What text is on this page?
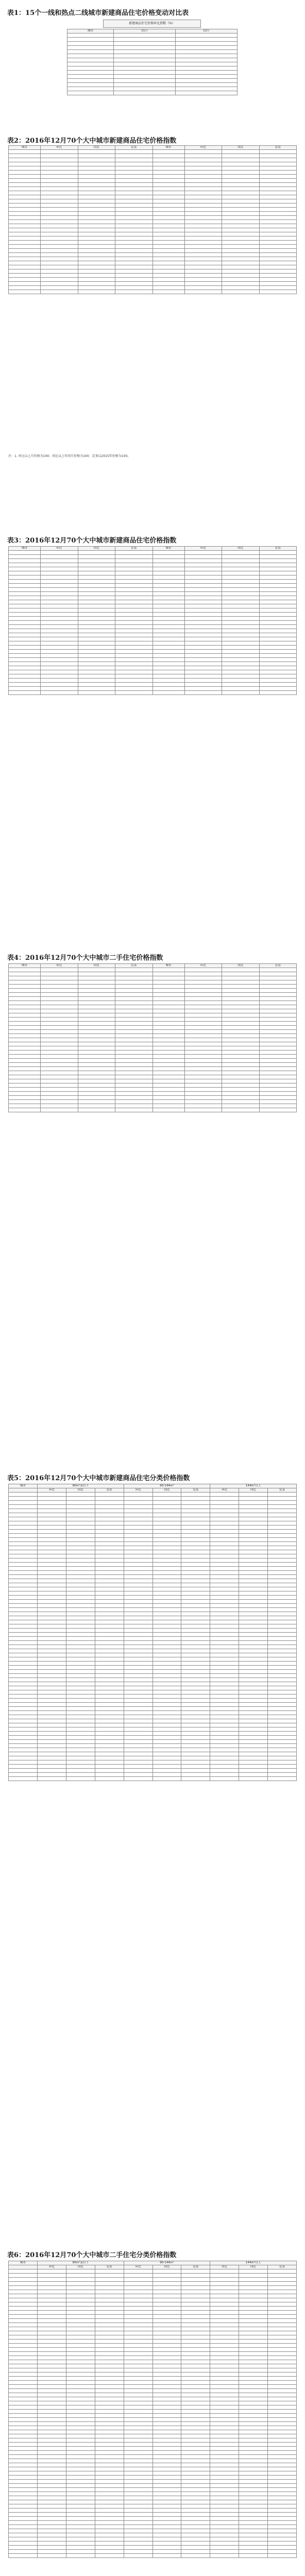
表1：15个一线和热点二线城市新建商品住宅价格变动对比表
新建商品住宅价格环比指数（%）
城市	11月	12月

表2：2016年12月70个大中城市新建商品住宅价格指数
城市	环比	同比	定基	城市	环比	同比	定基

注：1. 环比以上月价格为100；同比以上年同月价格为100；定基以2015年价格为100。
表3：2016年12月70个大中城市新建商品住宅价格指数
城市	环比	同比	定基	城市	环比	同比	定基

表4：2016年12月70个大中城市二手住宅价格指数
城市	环比	同比	定基	城市	环比	同比	定基

表5：2016年12月70个大中城市新建商品住宅分类价格指数
城市	90m²及以下			90-144m²			144m²以上		
	环比	同比	定基	环比	同比	定基	环比	同比	定基

表6：2016年12月70个大中城市二手住宅分类价格指数
城市	90m²及以下			90-144m²			144m²以上		
	环比	同比	定基	环比	同比	定基	环比	同比	定基
